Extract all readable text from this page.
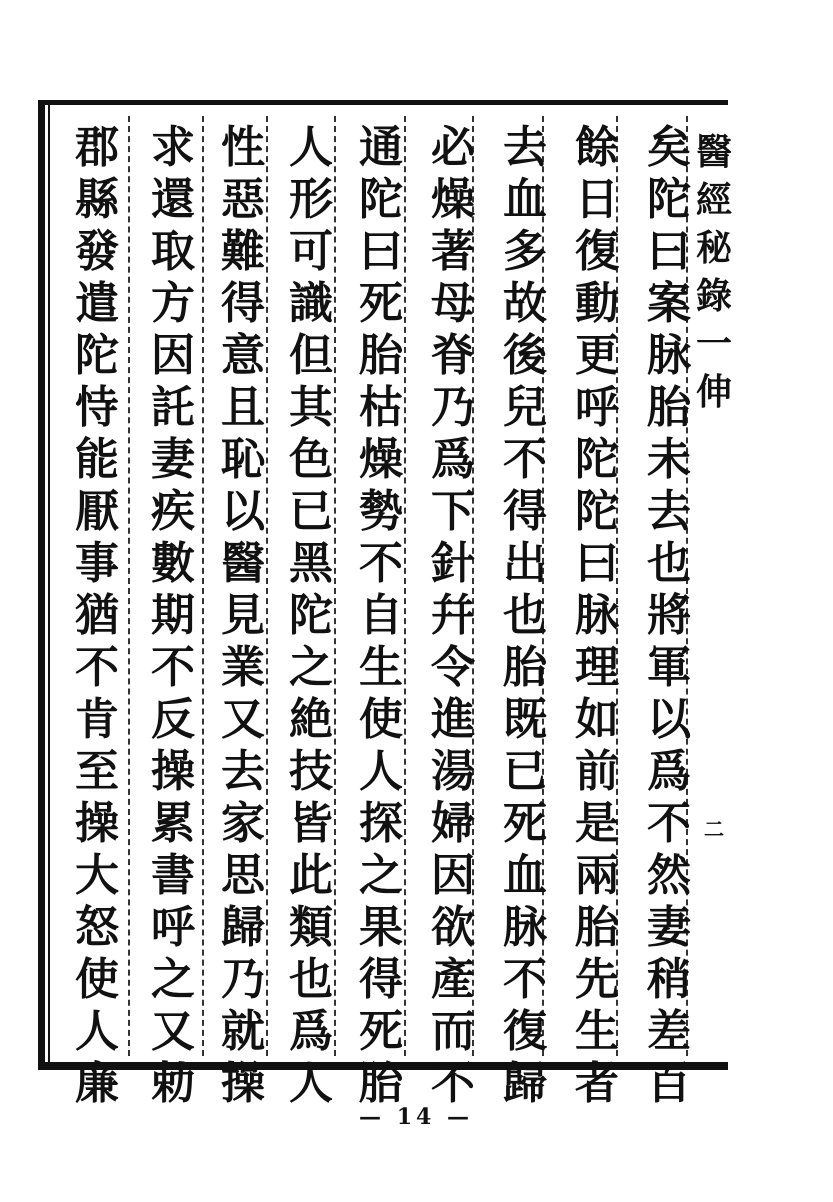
矣
陀
曰
案
脉
胎
未
去
也
將
軍
以
爲
不
然
妻
稍
差
百
餘
日
復
動
更
呼
陀
陀
曰
脉
理
如
前
是
兩
胎
先
生
者
去
血
多
故
後
兒
不
得
出
也
胎
既
已
死
血
脉
不
復
歸
必
燥
著
母
脊
乃
爲
下
針
幷
令
進
湯
婦
因
欲
產
而
不
通
陀
曰
死
胎
枯
燥
勢
不
自
生
使
人
探
之
果
得
死
胎
人
形
可
識
但
其
色
已
黑
陀
之
絶
技
皆
此
類
也
爲
人
性
惡
難
得
意
且
恥
以
醫
見
業
又
去
家
思
歸
乃
就
操
求
還
取
方
因
託
妻
疾
數
期
不
反
操
累
書
呼
之
又
勅
郡
縣
發
遣
陀
恃
能
厭
事
猶
不
肯
至
操
大
怒
使
人
廉
醫
經
秘
錄
一
伸
二
— 14 —
